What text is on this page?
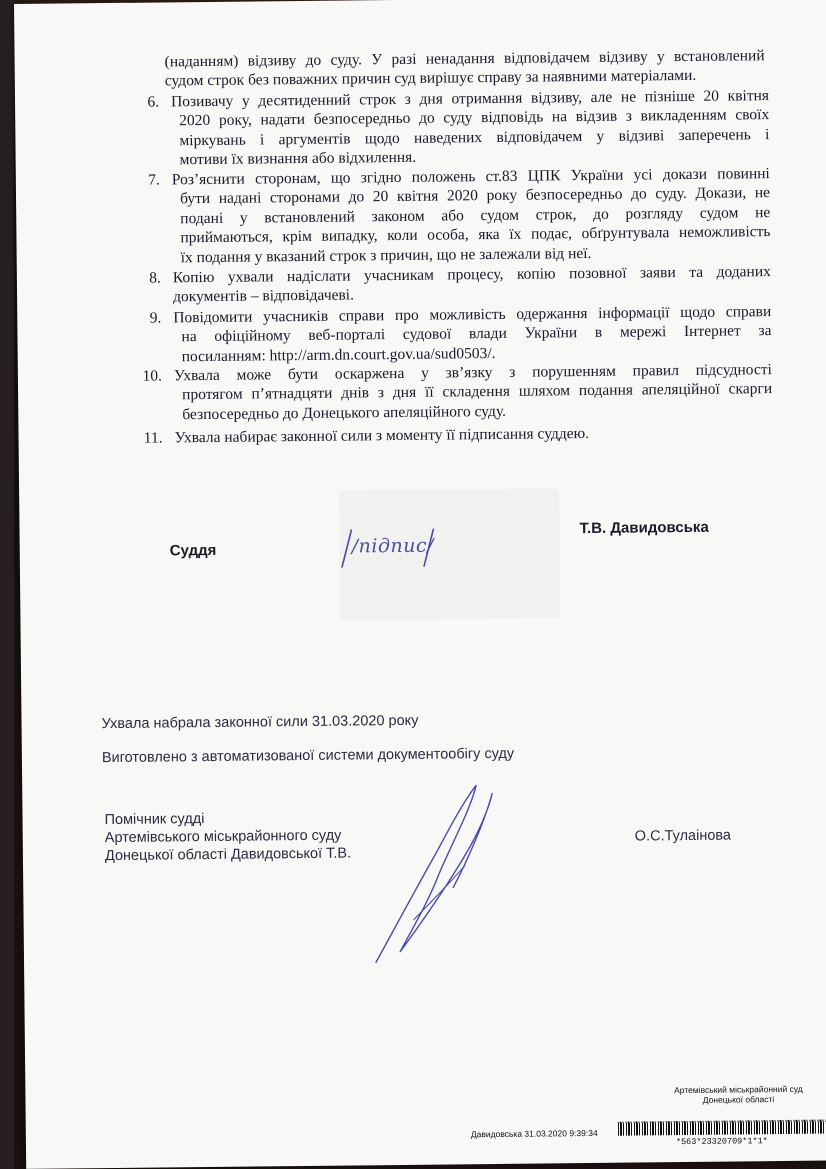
(наданням) відзиву до суду. У разі ненадання відповідачем відзиву у встановлений
судом строк без поважних причин суд вирішує справу за наявними матеріалами.
6. Позивачу у десятиденний строк з дня отримання відзиву, але не пізніше 20 квітня
2020 року, надати безпосередньо до суду відповідь на відзив з викладенням своїх
міркувань і аргументів щодо наведених відповідачем у відзиві заперечень і
мотиви їх визнання або відхилення.
7. Роз’яснити сторонам, що згідно положень ст.83 ЦПК України усі докази повинні
бути надані сторонами до 20 квітня 2020 року безпосередньо до суду. Докази, не
подані у встановлений законом або судом строк, до розгляду судом не
приймаються, крім випадку, коли особа, яка їх подає, обґрунтувала неможливість
їх подання у вказаний строк з причин, що не залежали від неї.
8. Копію ухвали надіслати учасникам процесу, копію позовної заяви та доданих
документів – відповідачеві.
9. Повідомити учасників справи про можливість одержання інформації щодо справи
на офіційному веб-порталі судової влади України в мережі Інтернет за
посиланням: http://arm.dn.court.gov.ua/sud0503/.
10. Ухвала може бути оскаржена у зв’язку з порушенням правил підсудності
протягом п’ятнадцяти днів з дня її складення шляхом подання апеляційної скарги
безпосередньо до Донецького апеляційного суду.
11. Ухвала набирає законної сили з моменту її підписання суддею.
Суддя	/підпис/
Т.В. Давидовська
Ухвала набрала законної сили 31.03.2020 року
Виготовлено з автоматизованої системи документообігу суду
Помічник судді
Артемівського міськрайонного суду
Донецької області Давидовської Т.В.
О.С.Тулаінова
Артемівський міськрайонний суд
Донецької області
Давидовська 31.03.2020 9:39:34
*563*23320709*1*1*
